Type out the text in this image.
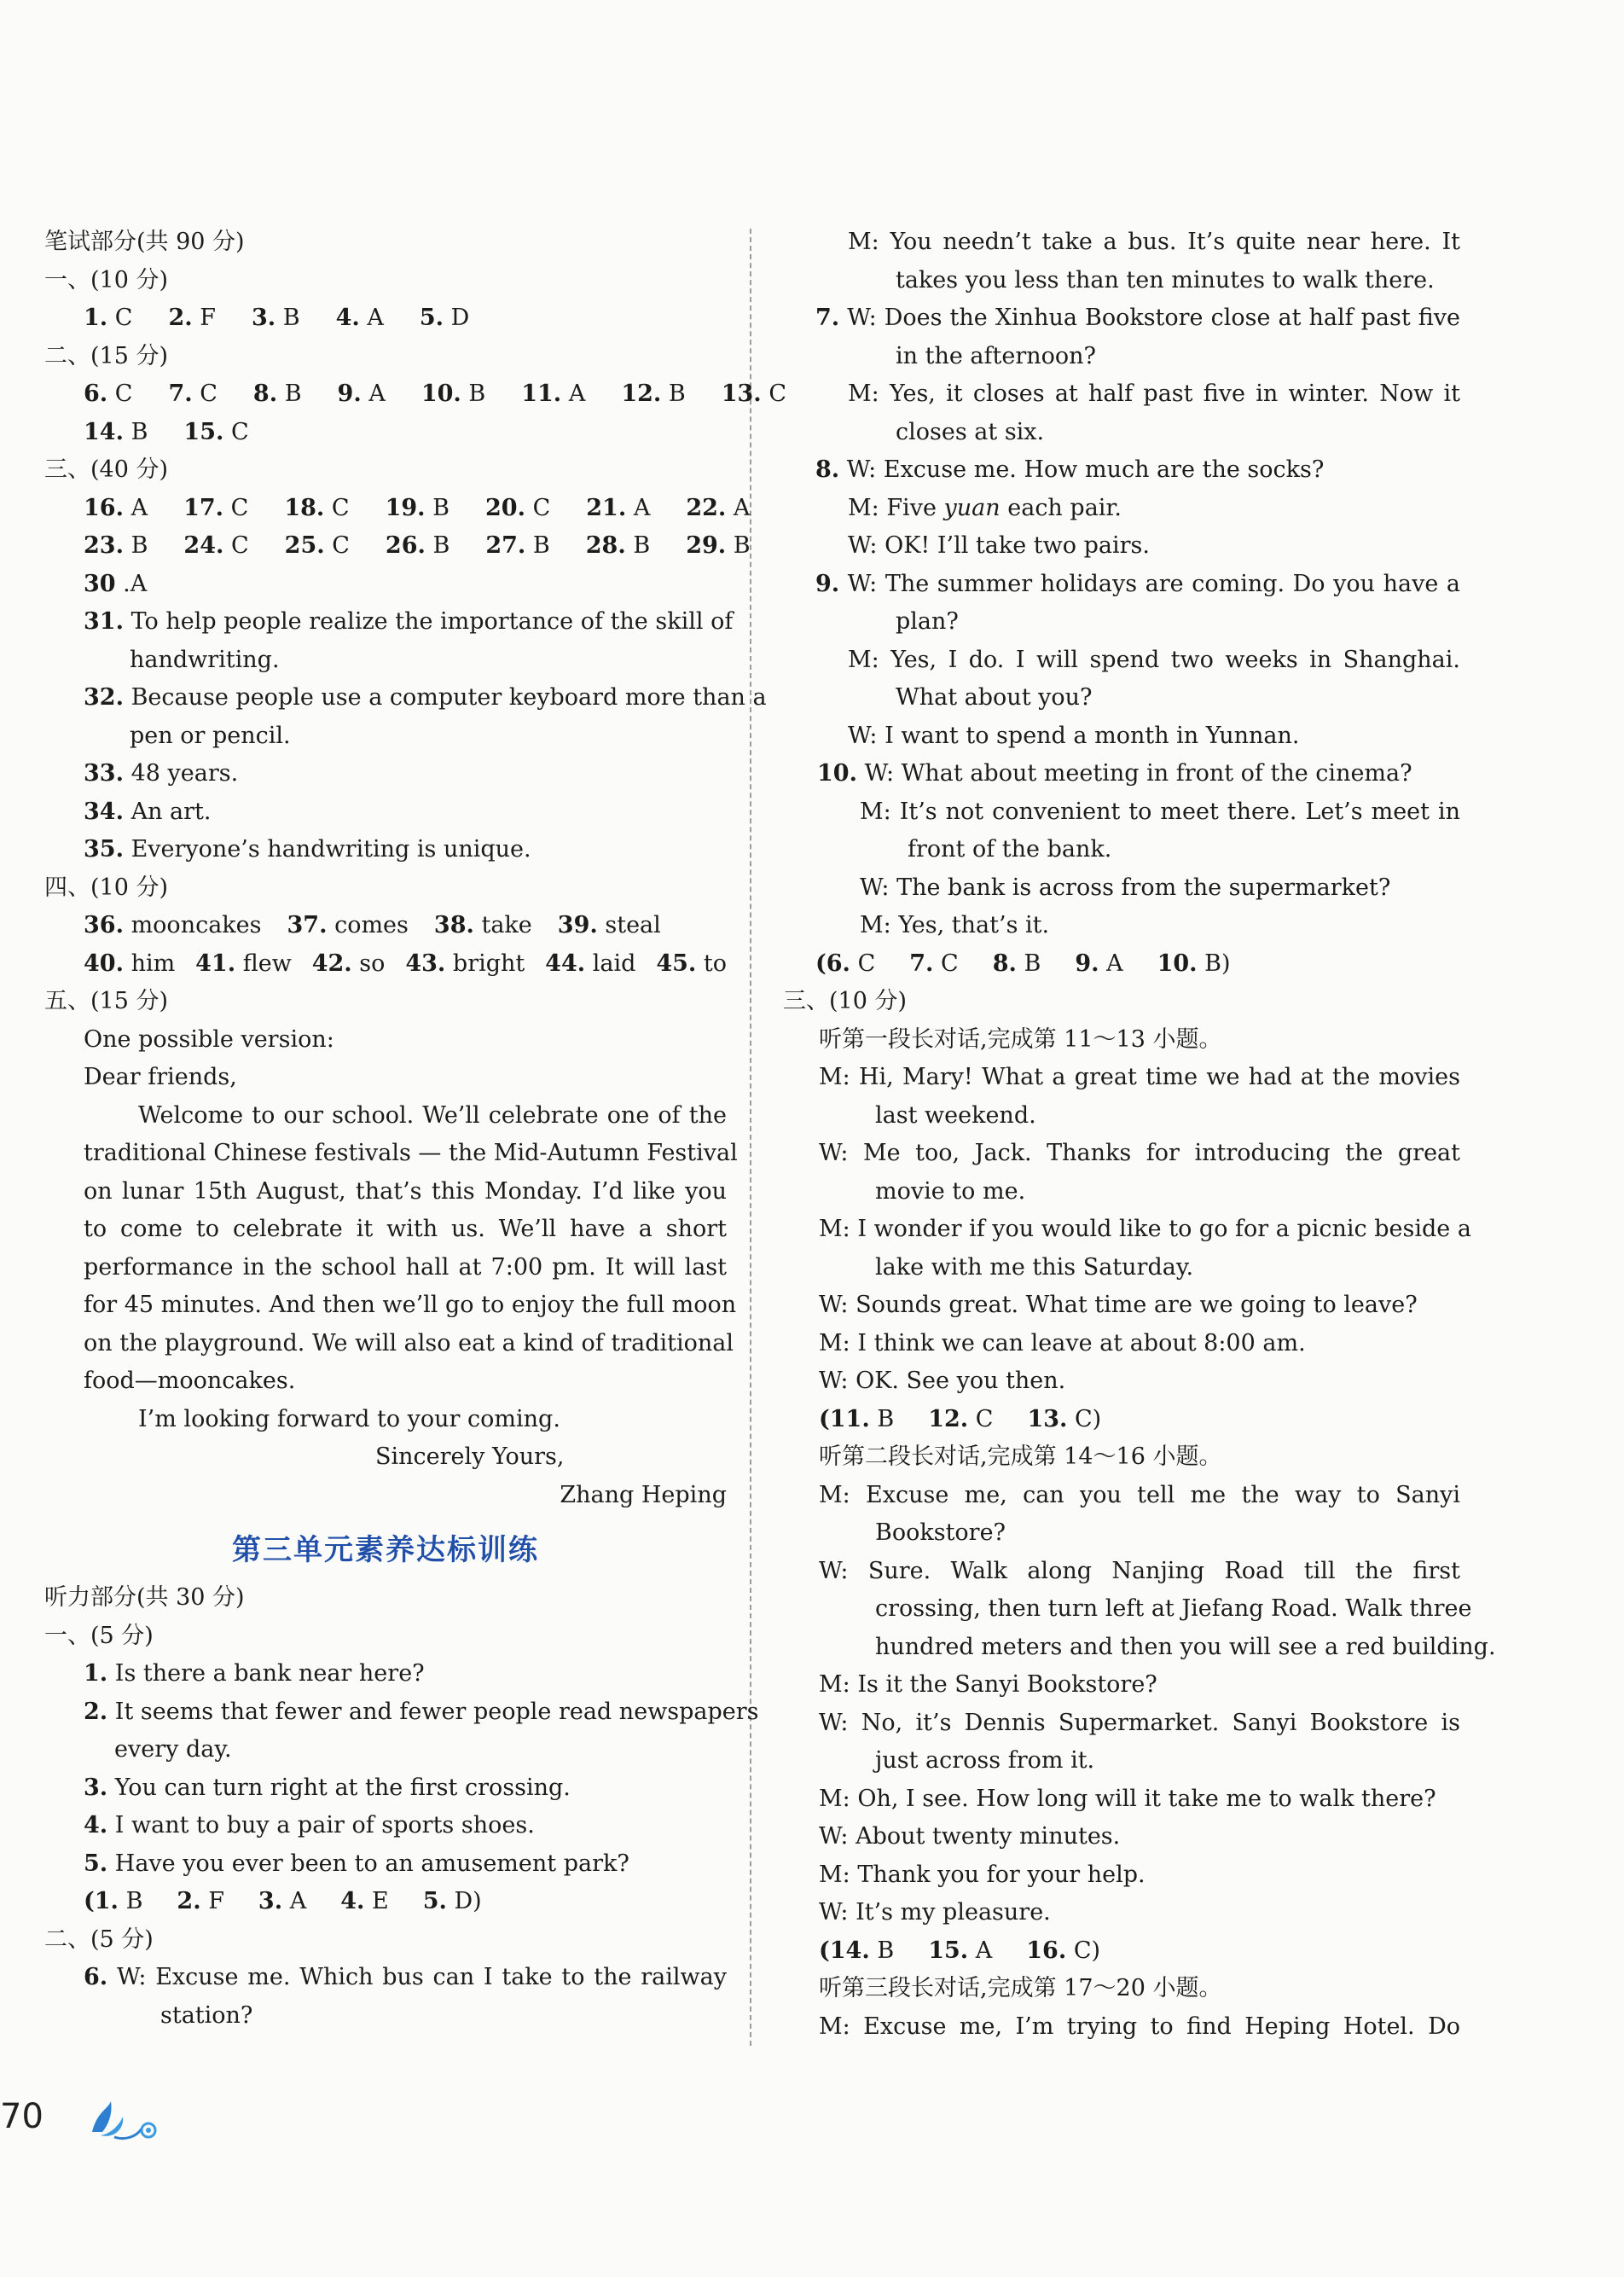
笔试部分(共 90 分)

一、(10 分)

1. C 2. F 3. B 4. A 5. D

二、(15 分)

6. C 7. C 8. B 9. A 10. B 11. A 12. B 13. C
14. B 15. C

三、(40 分)

16. A 17. C 18. C 19. B 20. C 21. A 22. A
23. B 24. C 25. C 26. B 27. B 28. B 29. B
30 .A
31. To help people realize the importance of the skill of

handwriting.

32. Because people use a computer keyboard more than a

pen or pencil.

33. 48 years.
34. An art.
35. Everyone’s handwriting is unique.

四、(10 分)

36. mooncakes 37. comes 38. take 39. steal
40. him 41. flew 42. so 43. bright 44. laid 45. to

五、(15 分)

One possible version:

Dear friends,

Welcome to our school. We’ll celebrate one of the

traditional Chinese festivals — the Mid-Autumn Festival

on lunar 15th August, that’s this Monday. I’d like you

to come to celebrate it with us. We’ll have a short

performance in the school hall at 7:00 pm. It will last

for 45 minutes. And then we’ll go to enjoy the full moon

on the playground. We will also eat a kind of traditional

food—mooncakes.

I’m looking forward to your coming.

Sincerely Yours,

Zhang Heping

第三单元素养达标训练

听力部分(共 30 分)

一、(5 分)

1. Is there a bank near here?
2. It seems that fewer and fewer people read newspapers

every day.

3. You can turn right at the first crossing.
4. I want to buy a pair of sports shoes.
5. Have you ever been to an amusement park?
(1. B 2. F 3. A 4. E 5. D)

二、(5 分)

6. W: Excuse me. Which bus can I take to the railway

station?

M: You needn’t take a bus. It’s quite near here. It

takes you less than ten minutes to walk there.

7. W: Does the Xinhua Bookstore close at half past five

in the afternoon?

M: Yes, it closes at half past five in winter. Now it

closes at six.

8. W: Excuse me. How much are the socks?
M: Five yuan each pair.

W: OK! I’ll take two pairs.

9. W: The summer holidays are coming. Do you have a

plan?

M: Yes, I do. I will spend two weeks in Shanghai.

What about you?

W: I want to spend a month in Yunnan.

10. W: What about meeting in front of the cinema?

M: It’s not convenient to meet there. Let’s meet in

front of the bank.

W: The bank is across from the supermarket?

M: Yes, that’s it.

(6. C 7. C 8. B 9. A 10. B)

三、(10 分)

听第一段长对话,完成第 11～13 小题。

M: Hi, Mary! What a great time we had at the movies

last weekend.

W: Me too, Jack. Thanks for introducing the great

movie to me.

M: I wonder if you would like to go for a picnic beside a

lake with me this Saturday.

W: Sounds great. What time are we going to leave?

M: I think we can leave at about 8:00 am.

W: OK. See you then.

(11. B 12. C 13. C)

听第二段长对话,完成第 14～16 小题。

M: Excuse me, can you tell me the way to Sanyi

Bookstore?

W: Sure. Walk along Nanjing Road till the first

crossing, then turn left at Jiefang Road. Walk three

hundred meters and then you will see a red building.

M: Is it the Sanyi Bookstore?

W: No, it’s Dennis Supermarket. Sanyi Bookstore is

just across from it.

M: Oh, I see. How long will it take me to walk there?

W: About twenty minutes.

M: Thank you for your help.

W: It’s my pleasure.

(14. B 15. A 16. C)

听第三段长对话,完成第 17～20 小题。

M: Excuse me, I’m trying to find Heping Hotel. Do

70
